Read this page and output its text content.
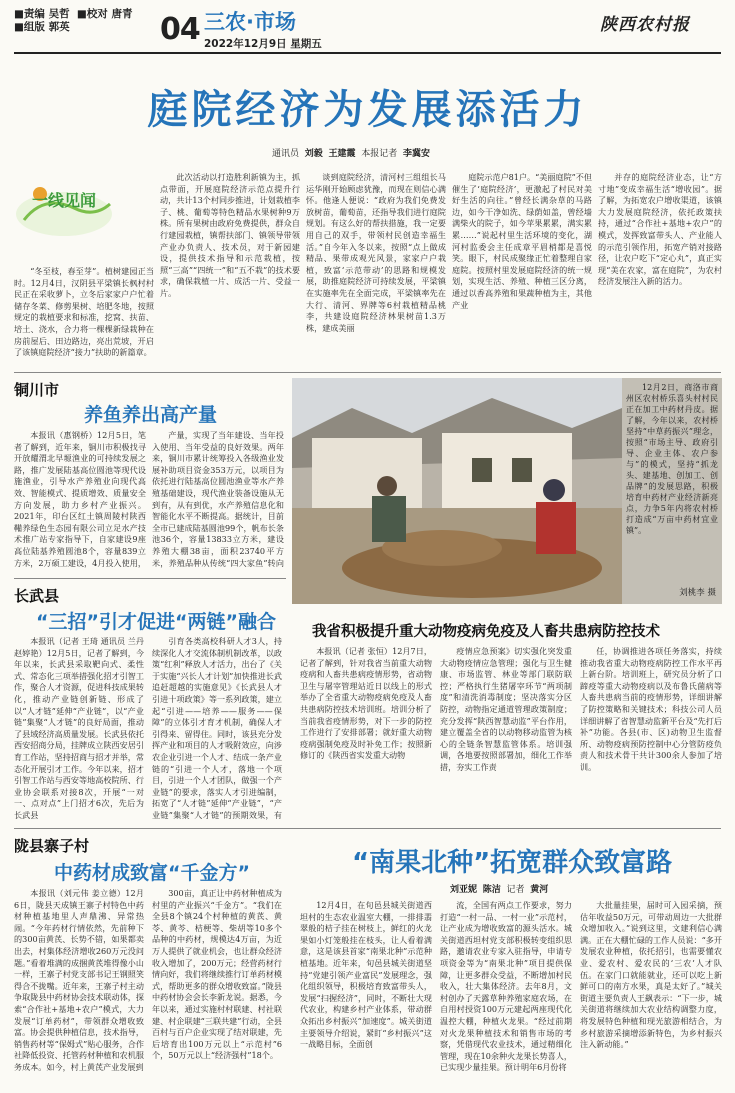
■责编 吴哲 ■校对 唐青
■组版 郭英	04 三农·市场
2022年12月9日 星期五
陕西农村报
庭院经济为发展添活力
通讯员 刘毅 王建霞 本报记者 李冀安
一线见闻

“冬至枝，春至芽”。植树建园正当时。12月4日，汉阴县平梁镇长枫村村民正在采收萝卜，立冬后家家户户忙着储存冬菜、修剪果树、培肥冬地，按照规定的栽植要求和标准，挖窝、扶苗、培土、浇水，合力将一棵棵新绿栽种在房前屋后、田边路边，亮出荒坡，开启了该镇庭院经济“接力”扶助的新篇章。

此次活动以打造胜利新镇为主，抓点带面，开展庭院经济示范点提升行动，共计13个村同步推进，计划栽植李子、桃、葡萄等特色精品水果树种9万株。所有果树由政府免费提供，群众自行建园栽植，镇帮扶部门、镇领导带领产业办负责人、技术员，对于新园建设，提供技术指导和示范栽植，按照“三高”“四统一”和“五不栽”的技术要求，确保栽植一片、成活一片、受益一片。

谈到庭院经济，清河村三组组长马运华刚开始顾虑犹豫，而现在则信心满怀。他逢人便说：“政府为我们免费发放树苗，葡萄苗，还指导我们进行庭院规划。有这么好的帮扶措施，我一定要用自己的双手，带领村民创造幸福生活。”自今年入冬以来，按照“点上做成精品、果带成观光风景，家家户户栽植，致富‘示范带动’的思路和规模发展，助推庭院经济可持续发展，平梁镇在实施率先在全面完成，平梁镇率先在大行、清河、界牌等6村栽植精品桃李，共建设庭院经济林果树苗1.3万株，建成美丽

庭院示范户81户。“美丽庭院”不但催生了‘庭院经济’，更激起了村民对美好生活的向往。”曾经长满杂草的马路边，如今干净如洗、绿荫如盖，曾经墙满柴火的院子，如今苹果累累，满实累累……”说起村里生活环境的变化，湖河村监委会主任成章平眉梢都是喜悦笑。眼下，村民成聚缘正忙着整理自家庭院。按照村里发展庭院经济的统一规划，实现生活、养殖、种植三区分离，通过以香高养殖和果蔬种植为主，其他产业

并存的庭院经济业态，让“方寸地”变成幸福生活“增收园”。据了解，为拓宽农户增收渠道，该镇大力发展庭院经济，依托政策扶持，通过“合作社+基地+农户”的模式，发挥致富带头人、产业能人的示范引领作用，拓宽产销对接路径，让农户吃下“定心丸”，真正实现“美在农家，富在庭院”，为农村经济发展注入新的活力。

铜川市
养鱼养出高产量

本报讯（惠钢桥）12月5日，笔者了解到，近年来，铜川市积极找寻开放耀渭北早塬渔业的可持续发展之路，推广发展陆基高位圆池等现代设施渔业，引导水产养殖业向现代高效、智能模式、提质增效、质量安全方向发展，助力乡村产业振兴。2021年，印台区红土镇周陵村陕西鞴养绿色生态园有限公司立足水产技术推广站专家指导下，自家建设9座高位陆基养殖圆池8个，容量839立方米，2万硕工建设，4月投入使用，

产量，实现了当年建设、当年投入使用、当年受益的良好效果。两年来，铜川市累计统筹投入各级渔业发展补助项目资金353万元，以项目为依托进行陆基高位圆池渔业等水产养殖基础建设，现代渔业装备设施从无到有，从有到优，水产养殖信息化和智能化水平不断提高。据统计，目前全市已建成陆基圆池99个，帆布长条池36个，容量13833立方米，建设养殖大棚38亩，面积23740平方米，养殖品种从传统“四大家鱼”转向

12月2日，商洛市商州区农村桥乐喜头村村民正在加工中药材丹皮。据了解，今年以来，农村桥坚持“中草药振兴”理念，按照“市场主导、政府引导、企业主体、农户参与”的模式，坚持“抓龙头、建基地、创加工、创品牌”的发展思路，积极培育中药材产业经济新亮点，力争5年内将农村桥打造成“万亩中药材宜业镇”。
刘桃李 摄
长武县
“三招”引才促进“两链”融合

本报讯（记者 王琦 通讯员 兰丹 赵婷艳）12月5日，记者了解到，今年以来，长武县采取靶向式、柔性式、常态化三项举措强化招才引智工作，聚合人才资源，促进科技成果转化，推动产业链创新链、形成了以“人才链”延伸“产业链”，以“产业链”集聚“人才链”的良好局面，推动了县域经济高质量发展。长武县依托西安招商分局，挂牌成立陕西安居引育工作站，坚持招商与招才并举，常态化开展引才工作。今年以来，招才引智工作站与西安等地高校院所、行业协会联系对接8次，开展“一对一、点对点”上门招才6次，先后为长武县

引育各类高校科研人才3人，持续深化人才交流体制机制改革，以政策“红利”释放人才活力，出台了《关于实施“兴长人才计划”加快推进长武追赶超越的实施意见》《长武县人才引进十项政策》等一系列政策，建立起“引进——培养——服务——保障”的立体引才育才机制，确保人才引得来、留得住。同时，该县充分发挥产业和项目的人才吸附效应，向涉农企业引进一个人才、结成一条产业链的“引进一个人才，落地一个项目，引进一个人才团队，做强一个产业链”的要求，落实人才引进编制，拓宽了“人才链”延伸“产业链”，“产业链”集聚“人才链”的预期效果，有

我省积极提升重大动物疫病免疫及人畜共患病防控技术

本报讯（记者 张恒）12月7日，记者了解到，针对我省当前重大动物疫病和人畜共患病疫情形势，省动物卫生与屠宰管理站近日以线上的形式举办了全省重大动物疫病免疫及人畜共患病防控技术培训班。培训分析了当前我省疫情形势，对下一步的防控工作进行了安排部署；就好重大动物疫病强制免疫及时补免工作；按照新修订的《陕西省实发重大动物

疫情应急预案》切实强化突发重大动物疫情应急管理；强化与卫生健康、市场监管、林业等部门联防联控；严格执行生猪屠宰环节“两项制度”和清洗消毒制度；坚决落实分区防控，动物指定通道管理政策制度；充分发挥“陕西智慧动监”平台作用，建立覆盖全省的以动物移动监管为核心的全链条智慧监管体系。培训强调，各地要按照部署加，细化工作举措，夯实工作责

任，协调推进各项任务落实，持续推动我省重大动物疫病防控工作水平再上新台阶。培训班上，研究员分析了口蹄疫等重大动物疫病以及布鲁氏菌病等人畜共患病当前的疫情形势，详细讲解了防控策略和关键技术；科技公司人员详细讲解了省智慧动监新平台及“先打后补”功能。各县(市、区)动物卫生监督所、动物疫病预防控制中心分管防疫负责人和技术骨干共计300余人参加了培训。

陇县寨子村
中药材成致富“千金方”

本报讯（刘元伟 姜立德）12月6日，陇县天成镇王寨子村特色中药材种植基地里人声鼎沸、异常热闹。“今年药材行情依然，先前种下的300亩黄芪、长势不错，如果都卖出去，村集体经济增收260万元没问题。”看着堆满的成捆黄芪堆得像小山一样，王寨子村党支部书记王钢照笑得合不拢嘴。近年来，王寨子村主动争取陇县中药材协会技术联动体，探索“合作社+基地+农户”模式，大力发展“订单药材”，带领群众增收致富。协会提供种植信息，技术指导，销售药材等“保姆式”贴心服务，合作社降低投资、托管药材种植和农机服务成本。如今，村上黄芪产业发展到

300亩，真正让中药材种植成为村里的产业振兴“千金方”。“我们在全县8个镇24个村种植的黄芪、黄苓、黄芩、桔梗等、柴胡等10多个品种的中药材，规模达4万亩，为近万人提供了就业机会，也让群众经济收入增加了，200万元；经营药材行情向好，我们将继续推行订单药材模式，帮助更多的群众增收致富。”陇县中药材协会会长李新龙说。据悉，今年以来，通过实施村村联建、村社联建、村企联建“三联共建”行动，全县百村与百户企业实现了结对联建，先后培育出100万元以上“示范村”6个，50万元以上“经济强村”18个。

“南果北种”拓宽群众致富路
刘亚妮 陈洁 记者 黄河

12月4日，在旬邑县城关街道西坦村的生态农业温室大棚，一排排翡翠般的桔子挂在树枝上，鲜红的火龙果如小灯笼般挂在枝头，让人看着满意，这是该县首家“南果北种”示范种植基地。近年来，旬邑县城关街道坚持“党建引领产业富民”发展理念，强化组织领导，积极培育致富带头人，发展“扫握经济”，同时，不断壮大现代农业，构建乡村产业体系，带动群众拓出乡村振兴“加速度”。城关街道主要领导介绍说，紧盯“乡村振兴”这一战略目标，全面创

流，全国有两点工作要求，努力打造“一村一品、一村一业”示范村，让产业成为增收致富的源头活水。城关街道西坦村党支部积极转变组织思路，邀请农业专家入驻指导，申请专项资金等为“南果北种”项目提供保障，让更多群众受益，不断增加村民收入，壮大集体经济。去年8月，文村创办了天露草种养殖家庭农场，在自用村授资100万元建起两座现代化温控大棚，种植火龙果。“经过前期对火龙果种植技术和销售市场的考察，凭借现代农业技术，通过精细化管理，现在10余种火龙果长势喜人，已实现少量挂果。预计明年6月份将

大批量挂果，届时可入园采摘，预估年收益50万元，可带动周边一大批群众增加收入。”说到这里，文建利信心满满。正在大棚忙碌的工作人员说：“多开发展农业种植，依托招引，也需要懂农业、爱农村、爱农民的‘三农’人才队伍。在家门口就能就业，还可以吃上新鲜可口的南方水果，真是太好了。”城关街道主要负责人王飙表示：“下一步，城关街道将继续加大农业结构调整力度，将发展特色种植和现光旅游相结合，为乡村旅游采摘增添新特色，为乡村振兴注入新动能。”
